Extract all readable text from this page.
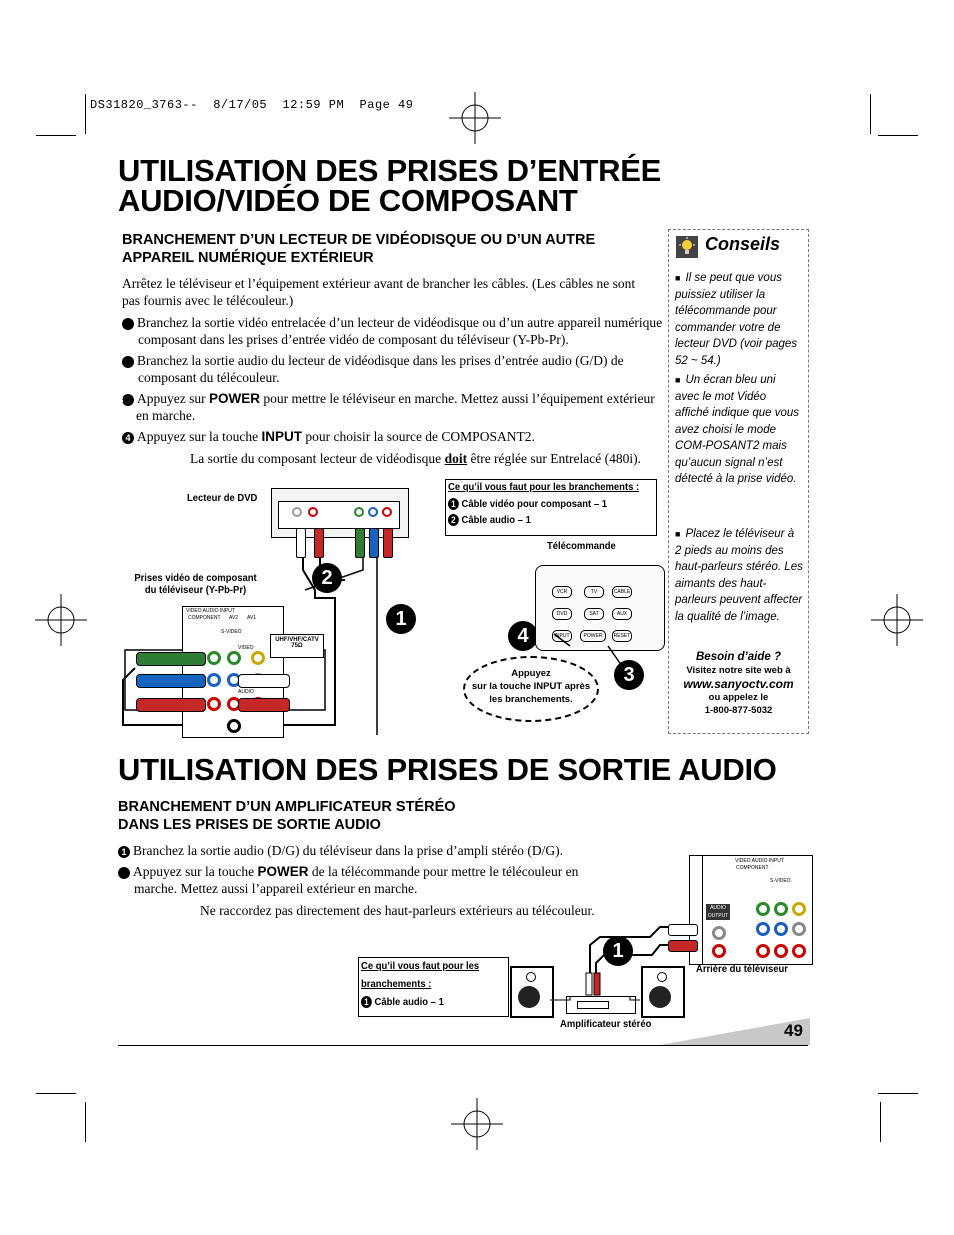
DS31820_3763--  8/17/05  12:59 PM  Page 49
UTILISATION DES PRISES D’ENTRÉE
AUDIO/VIDÉO DE COMPOSANT
BRANCHEMENT D’UN LECTEUR DE VIDÉODISQUE OU D’UN AUTRE
APPAREIL NUMÉRIQUE EXTÉRIEUR
Arrêtez le téléviseur et l’équipement extérieur avant de brancher les câbles. (Les câbles ne sont pas fournis avec le télécouleur.)
1 Branchez la sortie vidéo entrelacée d’un lecteur de vidéodisque ou d’un autre appareil numérique composant dans les prises d’entrée vidéo de composant du téléviseur (Y-Pb-Pr).
2 Branchez la sortie audio du lecteur de vidéodisque dans les prises d’entrée audio (G/D) de composant du télécouleur.
3 Appuyez sur POWER pour mettre le téléviseur en marche. Mettez aussi l’équipement extérieur en marche.
4 Appuyez sur la touche INPUT pour choisir la source de COMPOSANT2.
La sortie du composant lecteur de vidéodisque doit être réglée sur Entrelacé (480i).
Lecteur de DVD
Ce qu’il vous faut pour les branchements :
1 Câble vidéo pour composant – 1
2 Câble audio – 1
Télécommande
Prises vidéo de composant
du téléviseur (Y-Pb-Pr)
VIDEO AUDIO INPUT
COMPONENT AV2 AV1
S-VIDEO
VIDEO
AUDIO
UHF/VHF/CATV
75Ω
2
1
4
3
VCR	TV	CABLE
DVD	SAT	AUX
INPUT	POWER	RESET
Appuyez
sur la touche INPUT après
les branchements.
Conseils
■ Il se peut que vous puissiez utiliser la télécommande pour commander votre de lecteur DVD (voir pages 52 ~ 54.)
■ Un écran bleu uni avec le mot Vidéo affiché indique que vous avez choisi le mode COM-POSANT2 mais qu’aucun signal n’est détecté à la prise vidéo.
■ Placez le téléviseur à 2 pieds au moins des haut-parleurs stéréo. Les aimants des haut-parleurs peuvent affecter la qualité de l’image.
Besoin d’aide ?
Visitez notre site web à
www.sanyoctv.com
ou appelez le
1-800-877-5032
UTILISATION DES PRISES DE SORTIE AUDIO
BRANCHEMENT D’UN AMPLIFICATEUR STÉRÉO
DANS LES PRISES DE SORTIE AUDIO
1 Branchez la sortie audio (D/G) du téléviseur dans la prise d’ampli stéréo (D/G).
2 Appuyez sur la touche POWER de la télécommande pour mettre le télécouleur en marche. Mettez aussi l’appareil extérieur en marche.
Ne raccordez pas directement des haut-parleurs extérieurs au télécouleur.
Ce qu’il vous faut pour les
branchements :
1 Câble audio – 1
VIDEO AUDIO INPUT
COMPONENT
S-VIDEO
AUDIO OUTPUT
1
Arrière du téléviseur
Amplificateur stéréo	49
